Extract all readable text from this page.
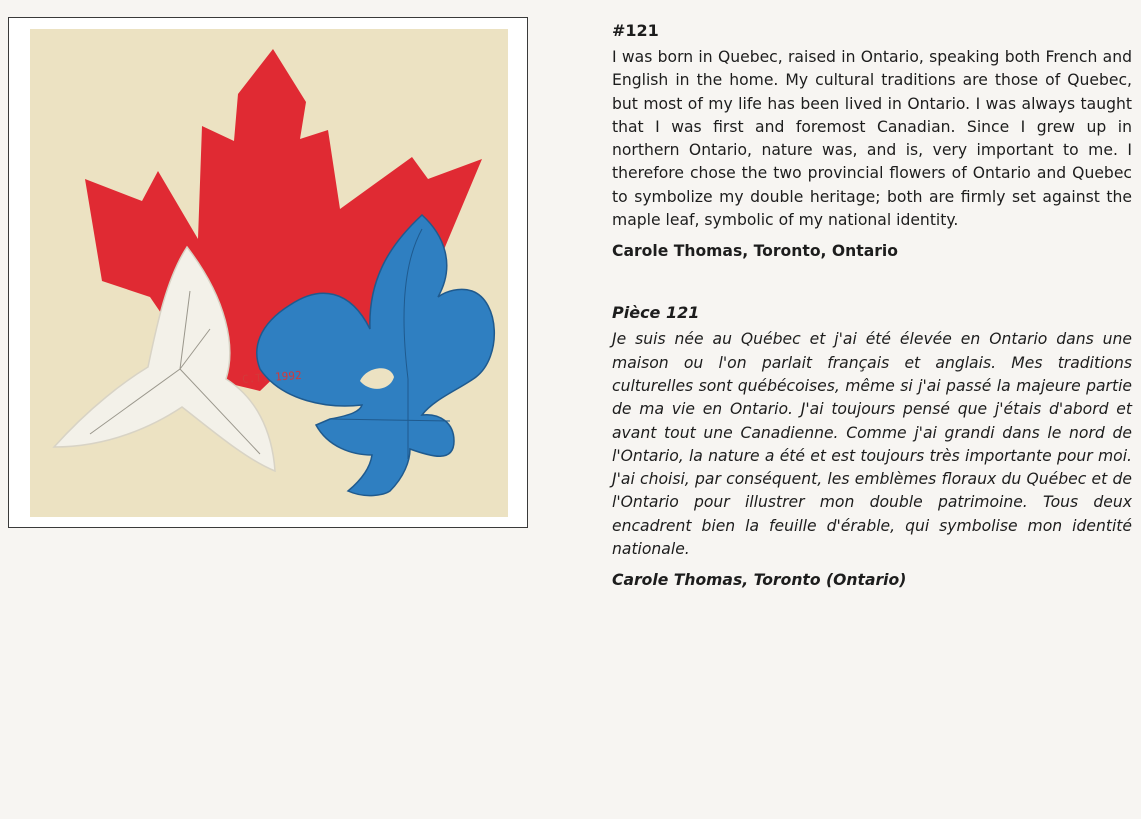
C.T. 1992
#121

I was born in Quebec, raised in Ontario, speaking both French and English in the home. My cultural traditions are those of Quebec, but most of my life has been lived in Ontario. I was always taught that I was first and foremost Canadian. Since I grew up in northern Ontario, nature was, and is, very important to me. I therefore chose the two provincial flowers of Ontario and Quebec to symbolize my double heritage; both are firmly set against the maple leaf, symbolic of my national identity.

Carole Thomas, Toronto, Ontario
Pièce 121

Je suis née au Québec et j'ai été élevée en Ontario dans une maison ou l'on parlait français et anglais. Mes traditions culturelles sont québécoises, même si j'ai passé la majeure partie de ma vie en Ontario. J'ai toujours pensé que j'étais d'abord et avant tout une Canadienne. Comme j'ai grandi dans le nord de l'Ontario, la nature a été et est toujours très importante pour moi. J'ai choisi, par conséquent, les emblèmes floraux du Québec et de l'Ontario pour illustrer mon double patrimoine. Tous deux encadrent bien la feuille d'érable, qui symbolise mon identité nationale.

Carole Thomas, Toronto (Ontario)
